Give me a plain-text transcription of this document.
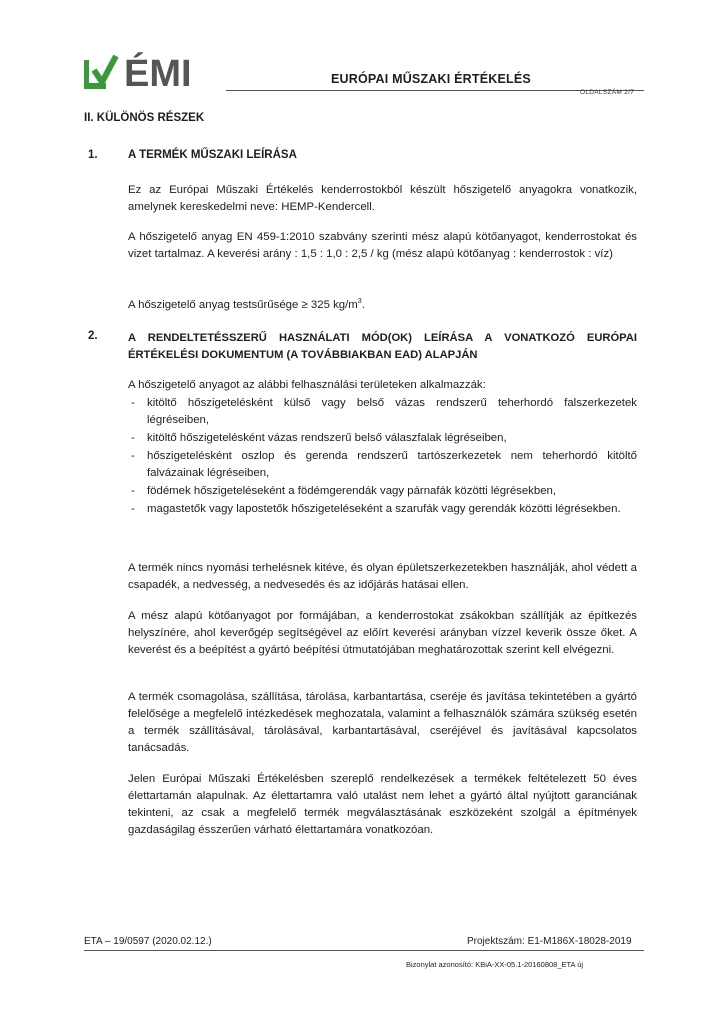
ÉMI	EURÓPAI MŰSZAKI ÉRTÉKELÉS
OLDALSZÁM 2/7
II. KÜLÖNÖS RÉSZEK
1.	A TERMÉK MŰSZAKI LEÍRÁSA
Ez az Európai Műszaki Értékelés kenderrostokból készült hőszigetelő anyagokra vonatkozik, amelynek kereskedelmi neve: HEMP-Kendercell.
A hőszigetelő anyag EN 459-1:2010 szabvány szerinti mész alapú kötőanyagot, kenderrostokat és vizet tartalmaz. A keverési arány : 1,5 : 1,0 : 2,5 / kg (mész alapú kötőanyag : kenderrostok : víz)
A hőszigetelő anyag testsűrűsége ≥ 325 $kg/m^3$.
2.	A RENDELTETÉSSZERŰ HASZNÁLATI MÓD(OK) LEÍRÁSA A VONATKOZÓ EURÓPAI ÉRTÉKELÉSI DOKUMENTUM (A TOVÁBBIAKBAN EAD) ALAPJÁN
A hőszigetelő anyagot az alábbi felhasználási területeken alkalmazzák:
- kitöltő hőszigetelésként külső vagy belső vázas rendszerű teherhordó falszerkezetek légréseiben,
- kitöltő hőszigetelésként vázas rendszerű belső válaszfalak légréseiben,
- hőszigetelésként oszlop és gerenda rendszerű tartószerkezetek nem teherhordó kitöltő falvázainak légréseiben,
- födémek hőszigeteléseként a födémgerendák vagy párnafák közötti légrésekben,
- magastetők vagy lapostetők hőszigeteléseként a szarufák vagy gerendák közötti légrésekben.
A termék nincs nyomási terhelésnek kitéve, és olyan épületszerkezetekben használják, ahol védett a csapadék, a nedvesség, a nedvesedés és az időjárás hatásai ellen.
A mész alapú kötőanyagot por formájában, a kenderrostokat zsákokban szállítják az építkezés helyszínére, ahol keverőgép segítségével az előírt keverési arányban vízzel keverik össze őket. A keverést és a beépítést a gyártó beépítési útmutatójában meghatározottak szerint kell elvégezni.
A termék csomagolása, szállítása, tárolása, karbantartása, cseréje és javítása tekintetében a gyártó felelősége a megfelelő intézkedések meghozatala, valamint a felhasználók számára szükség esetén a termék szállításával, tárolásával, karbantartásával, cseréjével és javításával kapcsolatos tanácsadás.
Jelen Európai Műszaki Értékelésben szereplő rendelkezések a termékek feltételezett 50 éves élettartamán alapulnak. Az élettartamra való utalást nem lehet a gyártó által nyújtott garanciának tekinteni, az csak a megfelelő termék megválasztásának eszközeként szolgál a építmények gazdaságilag ésszerűen várható élettartamára vonatkozóan.
ETA – 19/0597 (2020.02.12.)	Projektszám: E1-M186X-18028-2019
Bizonylat azonosító: KBiA-XX-05.1-20160808_ETA új
